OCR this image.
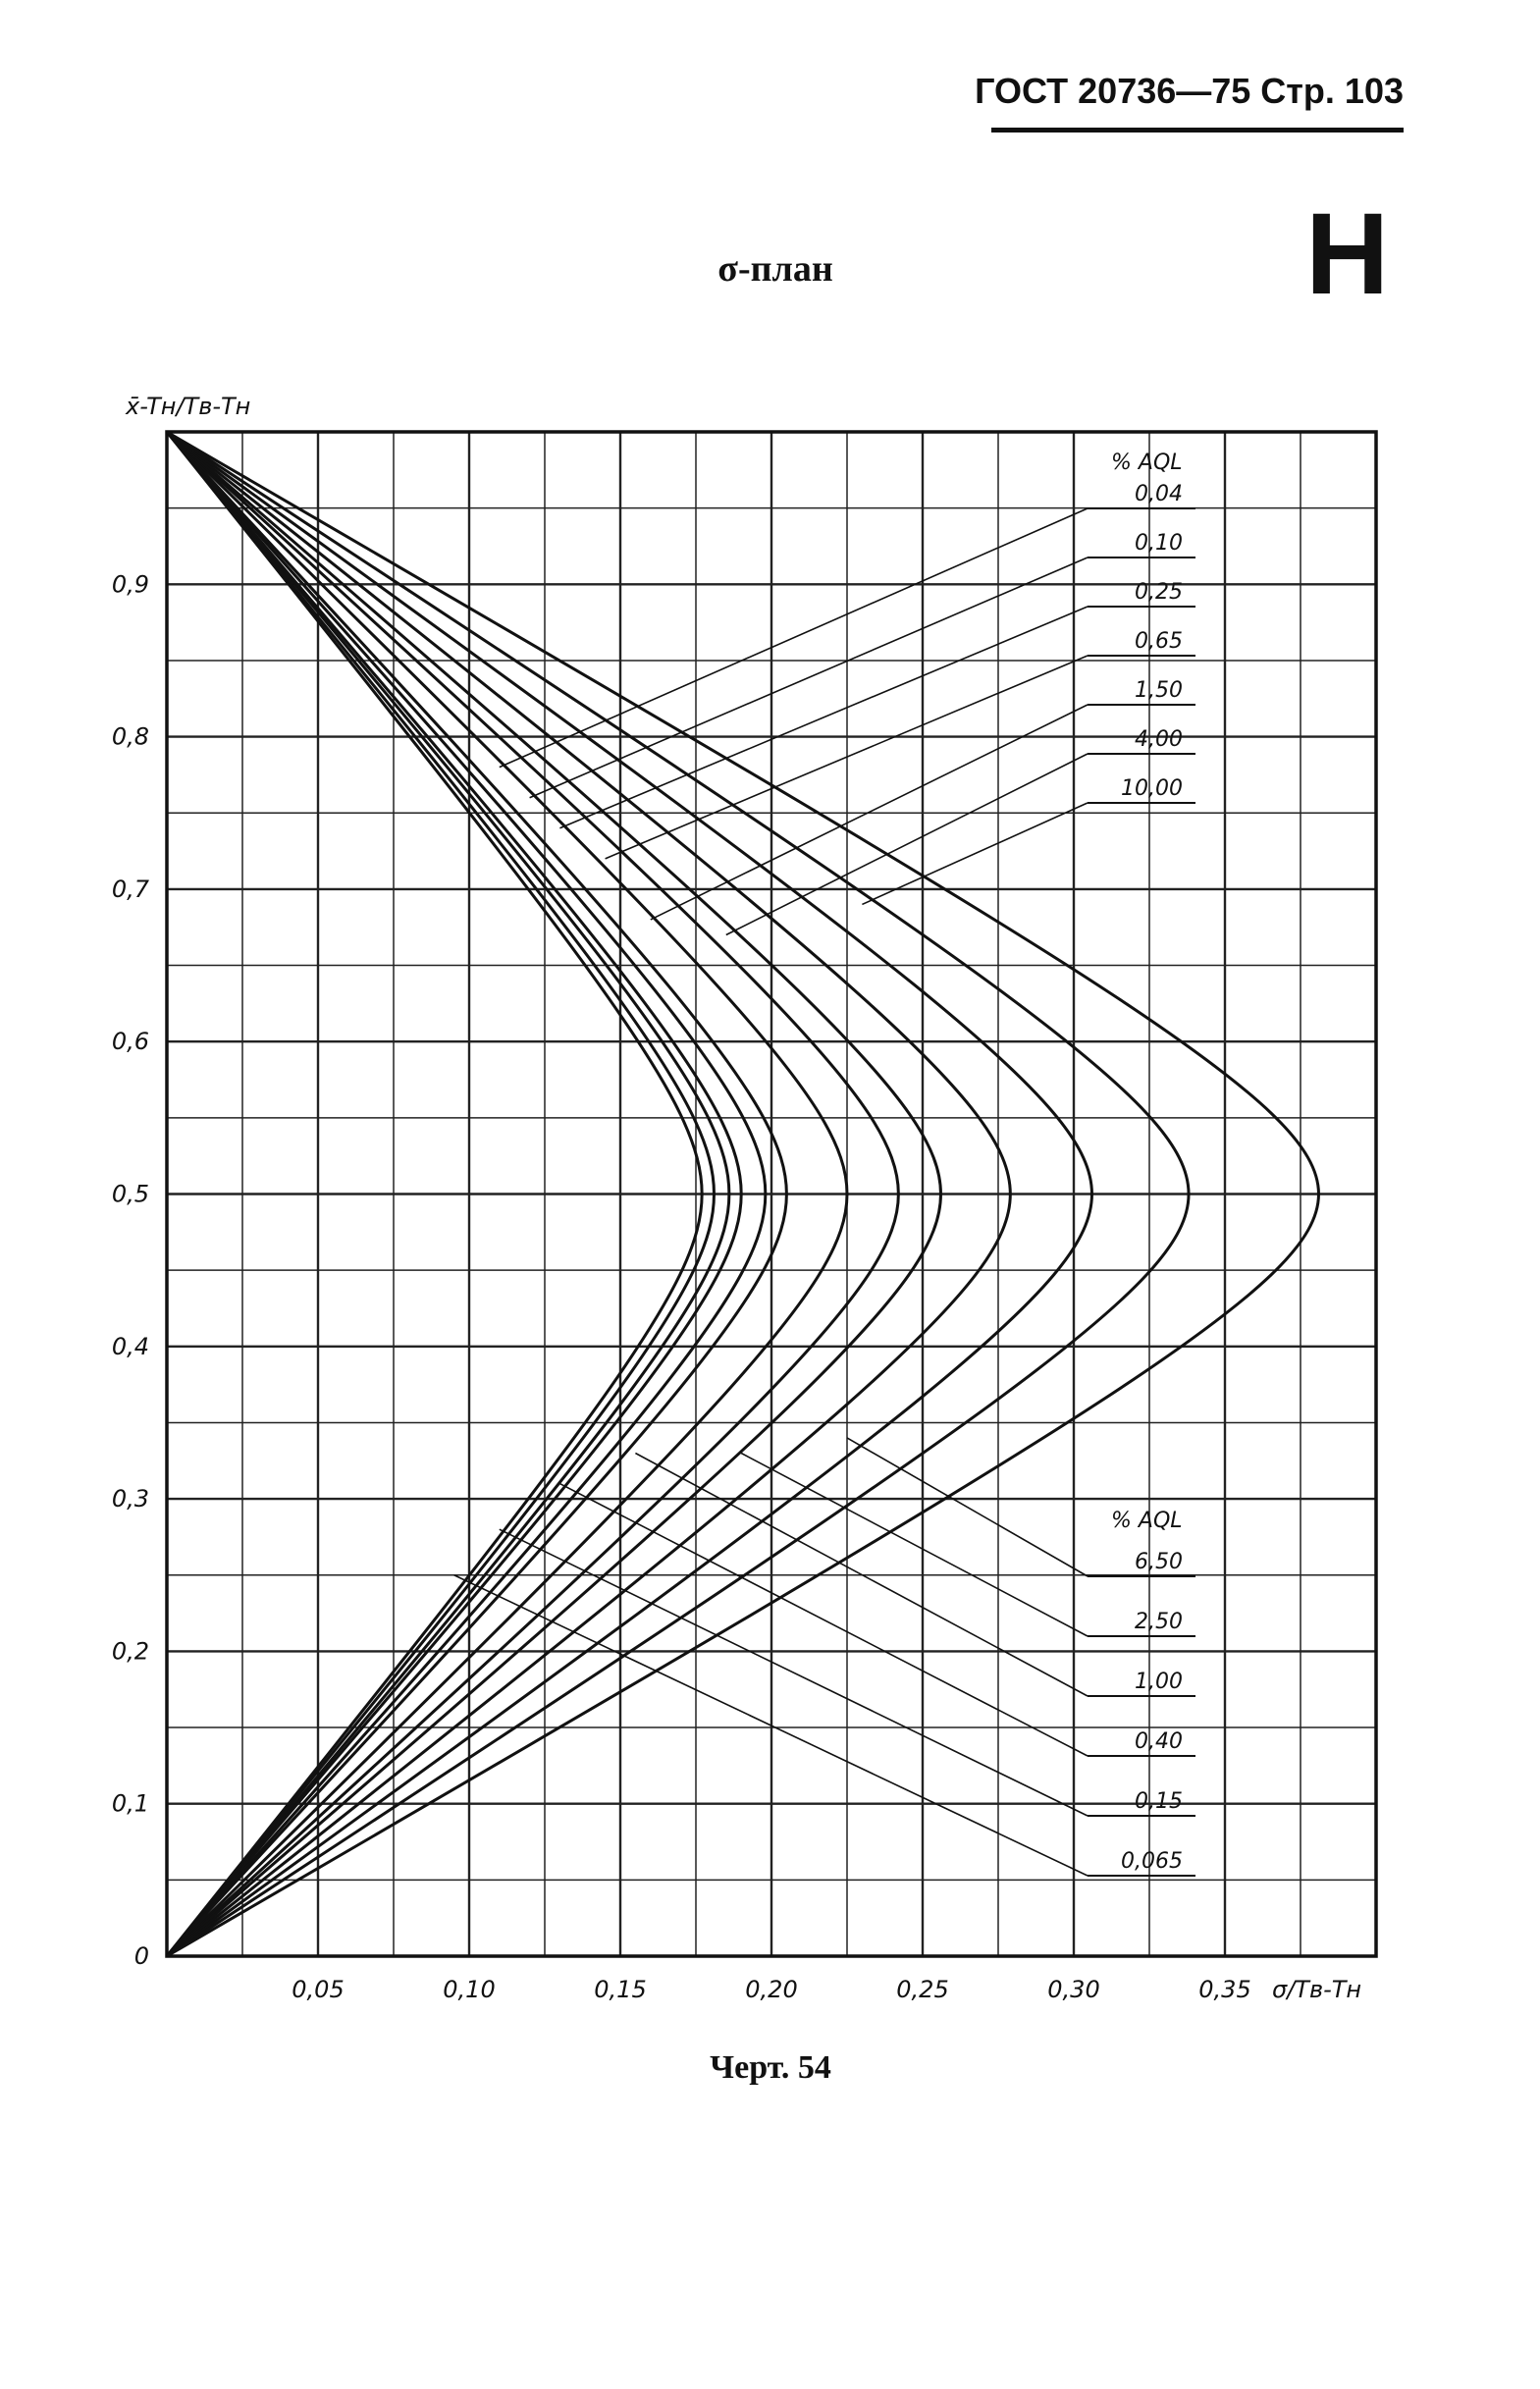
ГОСТ 20736—75 Стр. 103
Н
σ-план
0,05	0,10	0,15	0,20	0,25	0,30	0,35
0
0,1
0,2
0,3
0,4
0,5
0,6
0,7
0,8
0,9
% AQL
0,04
0,10
0,25
0,65
1,50
4,00
10,00
% AQL
6,50
2,50
1,00
0,40
0,15
0,065
x̄-Tн/Tв-Tн
σ/Tв-Tн
Черт. 54
